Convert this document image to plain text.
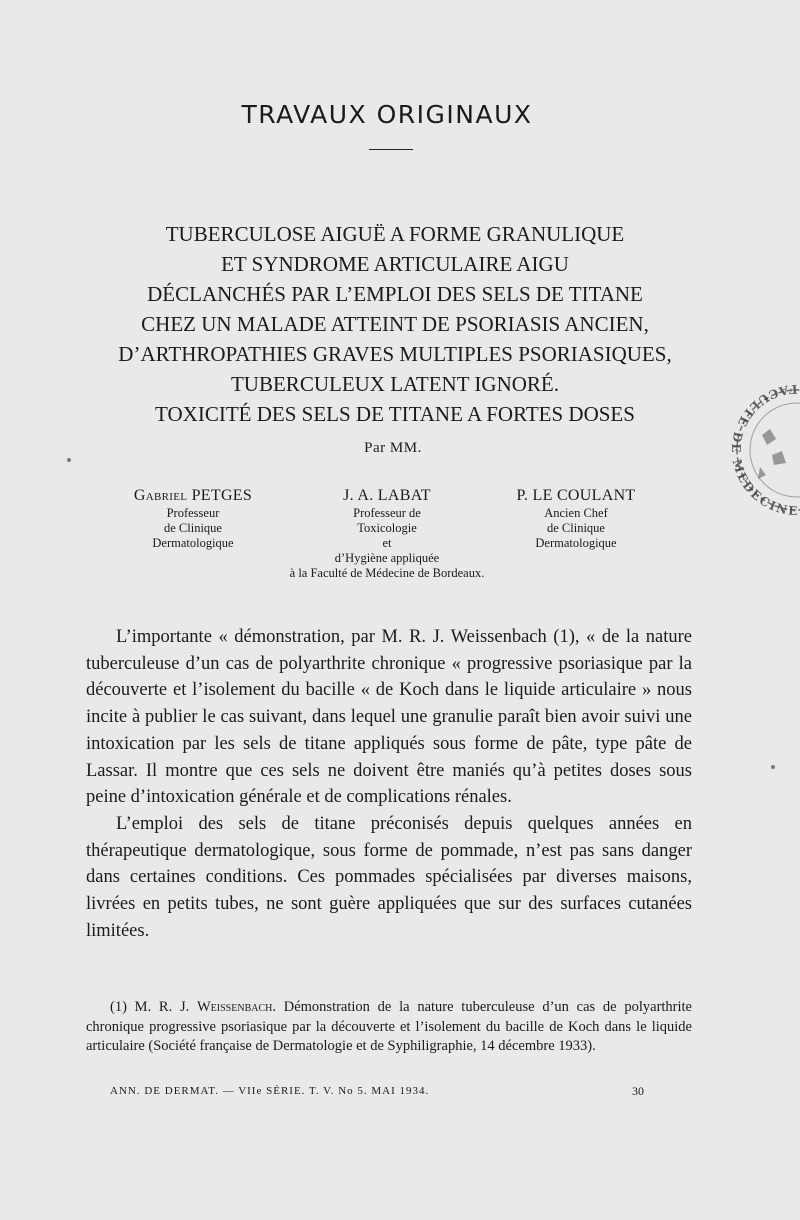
TRAVAUX ORIGINAUX
TUBERCULOSE AIGUË A FORME GRANULIQUE
ET SYNDROME ARTICULAIRE AIGU
DÉCLANCHÉS PAR L’EMPLOI DES SELS DE TITANE
CHEZ UN MALADE ATTEINT DE PSORIASIS ANCIEN,
D’ARTHROPATHIES GRAVES MULTIPLES PSORIASIQUES,
TUBERCULEUX LATENT IGNORÉ.
TOXICITÉ DES SELS DE TITANE A FORTES DOSES
Par MM.
Gabriel PETGES
Professeur
de Clinique
Dermatologique
J. A. LABAT
Professeur de
Toxicologie
et
d’Hygiène appliquée
P. LE COULANT
Ancien Chef
de Clinique
Dermatologique
à la Faculté de Médecine de Bordeaux.

L’importante « démonstration, par M. R. J. Weissenbach (1), « de la nature tuberculeuse d’un cas de polyarthrite chronique « progressive psoriasique par la découverte et l’isolement du bacille « de Koch dans le liquide articulaire » nous incite à publier le cas suivant, dans lequel une granulie paraît bien avoir suivi une intoxication par les sels de titane appliqués sous forme de pâte, type pâte de Lassar. Il montre que ces sels ne doivent être maniés qu’à petites doses sous peine d’intoxication générale et de complications rénales.

L’emploi des sels de titane préconisés depuis quelques années en thérapeutique dermatologique, sous forme de pommade, n’est pas sans danger dans certaines conditions. Ces pommades spécialisées par diverses maisons, livrées en petits tubes, ne sont guère appliquées que sur des surfaces cutanées limitées.

(1) M. R. J. Weissenbach. Démonstration de la nature tuberculeuse d’un cas de polyarthrite chronique progressive psoriasique par la découverte et l’isolement du bacille de Koch dans le liquide articulaire (Société française de Dermatologie et de Syphiligraphie, 14 décembre 1933).
ANN. DE DERMAT. — VIIe SÉRIE. T. V. No 5. MAI 1934.	30
FACULTE DE MEDECINE
